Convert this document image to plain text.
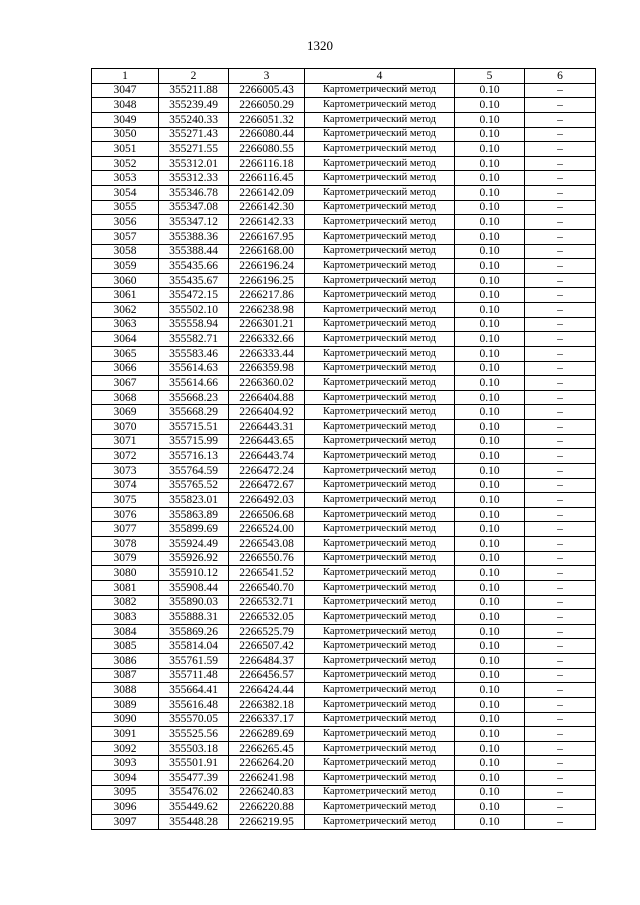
1320
1	2	3	4	5	6
3047	355211.88	2266005.43	Картометрический метод	0.10	–
3048	355239.49	2266050.29	Картометрический метод	0.10	–
3049	355240.33	2266051.32	Картометрический метод	0.10	–
3050	355271.43	2266080.44	Картометрический метод	0.10	–
3051	355271.55	2266080.55	Картометрический метод	0.10	–
3052	355312.01	2266116.18	Картометрический метод	0.10	–
3053	355312.33	2266116.45	Картометрический метод	0.10	–
3054	355346.78	2266142.09	Картометрический метод	0.10	–
3055	355347.08	2266142.30	Картометрический метод	0.10	–
3056	355347.12	2266142.33	Картометрический метод	0.10	–
3057	355388.36	2266167.95	Картометрический метод	0.10	–
3058	355388.44	2266168.00	Картометрический метод	0.10	–
3059	355435.66	2266196.24	Картометрический метод	0.10	–
3060	355435.67	2266196.25	Картометрический метод	0.10	–
3061	355472.15	2266217.86	Картометрический метод	0.10	–
3062	355502.10	2266238.98	Картометрический метод	0.10	–
3063	355558.94	2266301.21	Картометрический метод	0.10	–
3064	355582.71	2266332.66	Картометрический метод	0.10	–
3065	355583.46	2266333.44	Картометрический метод	0.10	–
3066	355614.63	2266359.98	Картометрический метод	0.10	–
3067	355614.66	2266360.02	Картометрический метод	0.10	–
3068	355668.23	2266404.88	Картометрический метод	0.10	–
3069	355668.29	2266404.92	Картометрический метод	0.10	–
3070	355715.51	2266443.31	Картометрический метод	0.10	–
3071	355715.99	2266443.65	Картометрический метод	0.10	–
3072	355716.13	2266443.74	Картометрический метод	0.10	–
3073	355764.59	2266472.24	Картометрический метод	0.10	–
3074	355765.52	2266472.67	Картометрический метод	0.10	–
3075	355823.01	2266492.03	Картометрический метод	0.10	–
3076	355863.89	2266506.68	Картометрический метод	0.10	–
3077	355899.69	2266524.00	Картометрический метод	0.10	–
3078	355924.49	2266543.08	Картометрический метод	0.10	–
3079	355926.92	2266550.76	Картометрический метод	0.10	–
3080	355910.12	2266541.52	Картометрический метод	0.10	–
3081	355908.44	2266540.70	Картометрический метод	0.10	–
3082	355890.03	2266532.71	Картометрический метод	0.10	–
3083	355888.31	2266532.05	Картометрический метод	0.10	–
3084	355869.26	2266525.79	Картометрический метод	0.10	–
3085	355814.04	2266507.42	Картометрический метод	0.10	–
3086	355761.59	2266484.37	Картометрический метод	0.10	–
3087	355711.48	2266456.57	Картометрический метод	0.10	–
3088	355664.41	2266424.44	Картометрический метод	0.10	–
3089	355616.48	2266382.18	Картометрический метод	0.10	–
3090	355570.05	2266337.17	Картометрический метод	0.10	–
3091	355525.56	2266289.69	Картометрический метод	0.10	–
3092	355503.18	2266265.45	Картометрический метод	0.10	–
3093	355501.91	2266264.20	Картометрический метод	0.10	–
3094	355477.39	2266241.98	Картометрический метод	0.10	–
3095	355476.02	2266240.83	Картометрический метод	0.10	–
3096	355449.62	2266220.88	Картометрический метод	0.10	–
3097	355448.28	2266219.95	Картометрический метод	0.10	–
